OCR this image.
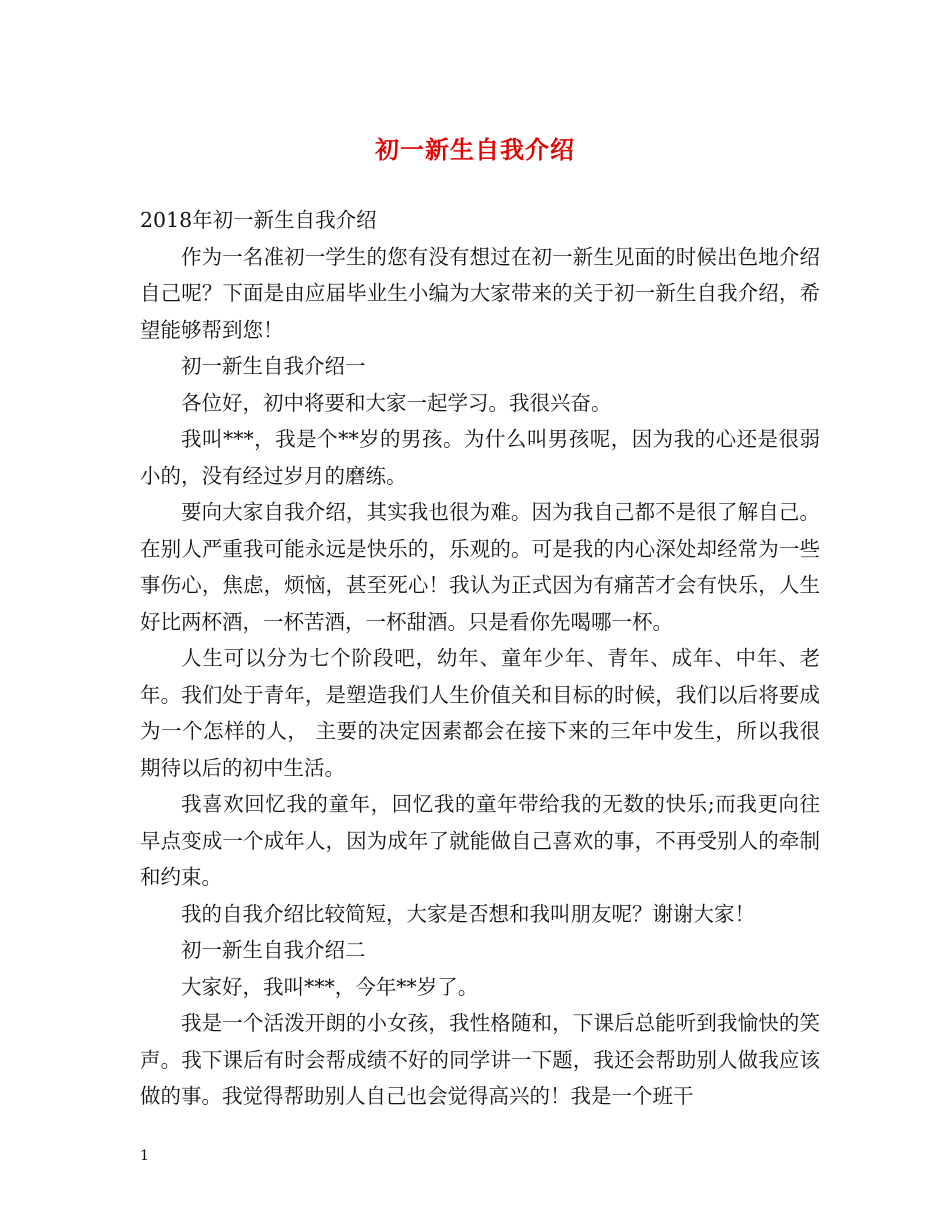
初一新生自我介绍

2018年初一新生自我介绍

作为一名准初一学生的您有没有想过在初一新生见面的时候出色地介绍自己呢？下面是由应届毕业生小编为大家带来的关于初一新生自我介绍，希望能够帮到您！

初一新生自我介绍一

各位好，初中将要和大家一起学习。我很兴奋。

我叫***，我是个**岁的男孩。为什么叫男孩呢，因为我的心还是很弱小的，没有经过岁月的磨练。

要向大家自我介绍，其实我也很为难。因为我自己都不是很了解自己。在别人严重我可能永远是快乐的，乐观的。可是我的内心深处却经常为一些事伤心，焦虑，烦恼，甚至死心！我认为正式因为有痛苦才会有快乐，人生好比两杯酒，一杯苦酒，一杯甜酒。只是看你先喝哪一杯。

人生可以分为七个阶段吧，幼年、童年少年、青年、成年、中年、老年。我们处于青年，是塑造我们人生价值关和目标的时候，我们以后将要成为一个怎样的人， 主要的决定因素都会在接下来的三年中发生，所以我很期待以后的初中生活。

我喜欢回忆我的童年，回忆我的童年带给我的无数的快乐;而我更向往早点变成一个成年人，因为成年了就能做自己喜欢的事，不再受别人的牵制和约束。

我的自我介绍比较简短，大家是否想和我叫朋友呢？谢谢大家！

初一新生自我介绍二

大家好，我叫***，今年**岁了。

我是一个活泼开朗的小女孩，我性格随和，下课后总能听到我愉快的笑声。我下课后有时会帮成绩不好的同学讲一下题，我还会帮助别人做我应该做的事。我觉得帮助别人自己也会觉得高兴的！我是一个班干

1
